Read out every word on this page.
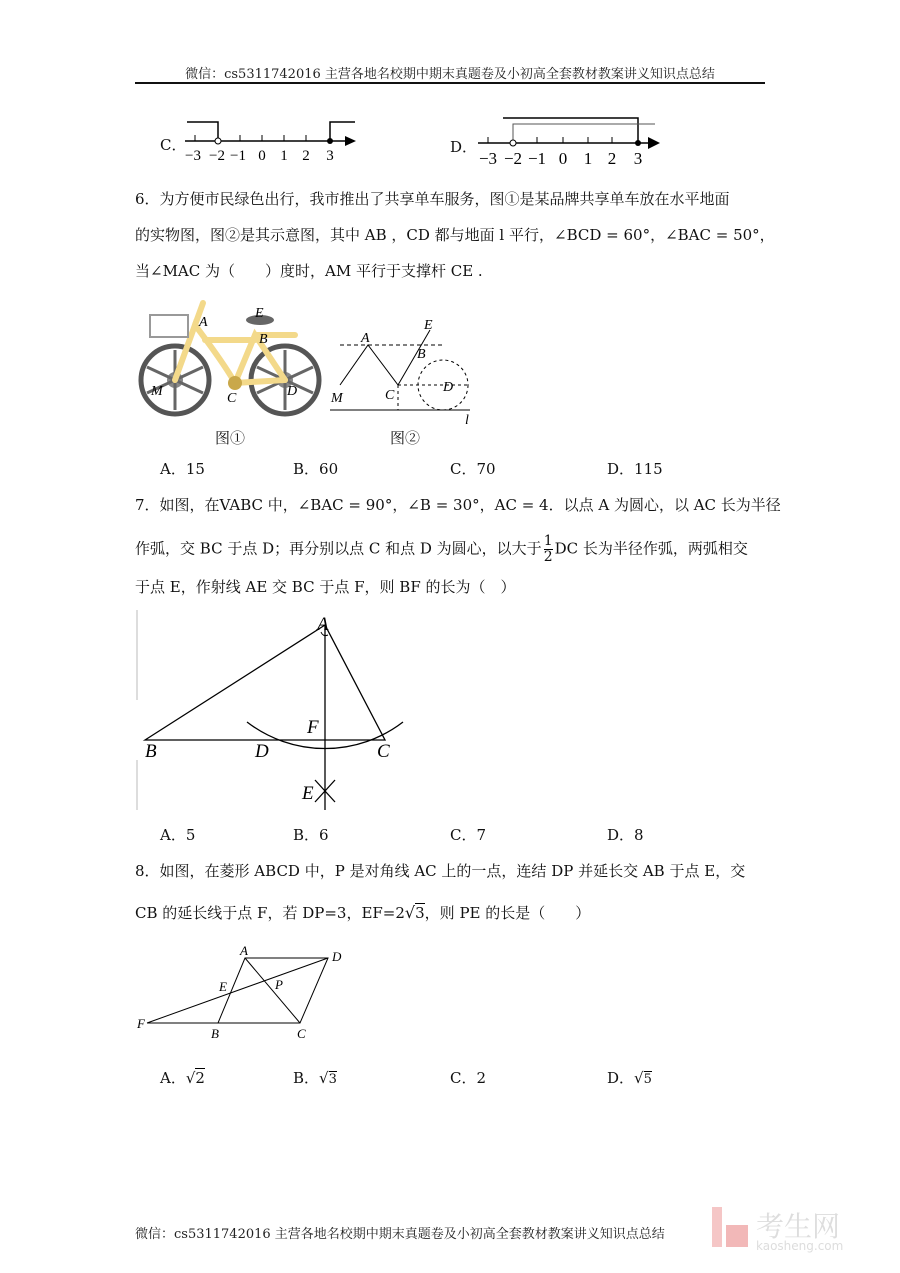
微信：cs5311742016 主营各地名校期中期末真题卷及小初高全套教材教案讲义知识点总结
C．
−3 −2 −1 0 1 2 3	D．
−3 −2 −1 0 1 2 3
6．为方便市民绿色出行，我市推出了共享单车服务，图①是某品牌共享单车放在水平地面
的实物图，图②是其示意图，其中 AB ，CD 都与地面 l 平行，∠BCD = 60°，∠BAC = 50°，
当∠MAC 为（　　）度时，AM 平行于支撑杆 CE .
A
E
B
M	C	D
图①
A
E
B
M	C
D
l
图②
A．15	B．60	C．70	D．115
7．如图，在VABC 中，∠BAC = 90°，∠B = 30°，AC = 4．以点 A 为圆心，以 AC 长为半径
作弧，交 BC 于点 D；再分别以点 C 和点 D 为圆心，以大于 $\frac{1}{2}$ DC 长为半径作弧，两弧相交
于点 E，作射线 AE 交 BC 于点 F，则 BF 的长为（　）
A
B	C
D
F
E
A．5	B．6	C．7	D．8
8．如图，在菱形 ABCD 中，P 是对角线 AC 上的一点，连结 DP 并延长交 AB 于点 E，交
CB 的延长线于点 F，若 DP=3，EF=2√3，则 PE 的长是（　　）
A	D
E	P
F
B	C
A．√2	B．√3	C．2	D．√5
微信：cs5311742016 主营各地名校期中期末真题卷及小初高全套教材教案讲义知识点总结	考生网
kaosheng.com
